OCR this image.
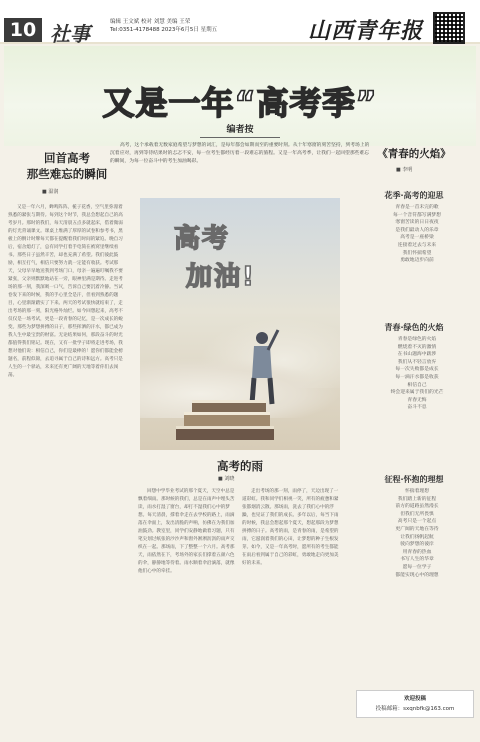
10 社事	编辑 王文斌 校对 刘慧 美编 王荣
Tel:0351-4178488 2023年6月5日 星期五	山西青年报
又是一年“高考季”
编者按
高考，这个承载着无数家庭希望与梦想的词汇，是每年都会如期而至的重要时刻。从十年寒窗的刻苦坚持，到考场上的沉着应对，再到等待结果时的忐忑不安，每一位考生都经历着一段难忘的旅程。又是一年高考季，让我们一起回望那些难忘的瞬间，为每一位奋斗中的考生加油喝彩。
回首高考
那些难忘的瞬间
■ 温润
又是一年六月，蝉鸣阵阵，栀子花香，空气里弥漫着熟悉的紧张与期待。每到这个时节，我总会想起自己的高考岁月。那时的我们，每天清晨五点多就起床，借着微弱的灯光背诵课文。课桌上堆满了厚厚的试卷和参考书，黑板上的倒计时牌每天都在提醒着我们时间的紧迫。晚自习后，宿舍熄灯了，总有同学打着手电筒在被窝里继续看书。那些日子虽然辛苦，却也充满了希望。我们彼此鼓励，相互打气，相信只要努力就一定能有收获。考试那天，父母早早地送我到考场门口，母亲一遍遍叮嘱我不要紧张，父亲则默默地站在一旁，眼神里满是期待。走进考场的那一刻，我深吸一口气，告诉自己要沉着冷静。当试卷发下来的时候，我的手心里全是汗，但看到熟悉的题目，心里渐渐踏实了下来。两天的考试很快就结束了，走出考场的那一刻，阳光格外灿烂。如今回想起来，高考不仅仅是一场考试，更是一段青春的记忆，是一次成长的蜕变。那些为梦想拼搏的日子，那些挥洒的汗水，都已成为我人生中最宝贵的财富。无论结果如何，那段奋斗的时光都值得我们铭记。现在，又有一批学子即将走进考场，我想对他们说：相信自己，你们是最棒的！愿你们都能金榜题名，前程似锦，去追寻属于自己的诗和远方。高考只是人生的一个驿站，未来还有更广阔的天地等着你们去闯荡。
高考
加油!
高考的雨
■ 刘晓
回想中学毕业考试的那个夏天，天空中总是飘着细雨。那时候的我们，总是在雨声中埋头苦读，雨水打湿了窗台，却打不湿我们心中的梦想。每天清晨，撑着伞走在去学校的路上，雨滴落在伞面上，发出清脆的声响，仿佛在为我们加油鼓劲。教室里，同学们安静地做着习题，只有笔尖划过纸张的沙沙声和窗外淅淅沥沥的雨声交织在一起。那场雨，下了整整一个六月。高考那天，雨依然在下，考场外的家长们撑着五颜六色的伞，静静地等待着。雨水顺着伞沿滴落，就像他们心中的牵挂。
走出考场的那一刻，雨停了，天边出现了一道彩虹。我和同学们相视一笑，所有的疲惫和紧张都烟消云散。那场雨，洗去了我们心中的浮躁，也见证了我们的成长。多年以后，每当下雨的时候，我总会想起那个夏天，想起那段为梦想拼搏的日子。高考的雨，是青春的雨，是希望的雨，它滋润着我们的心田，让梦想的种子生根发芽。如今，又是一年高考时，愿所有的考生都能在雨后看到属于自己的彩虹，勇敢地走向更加美好的未来。
《青春的火焰》
■ 李明
花季·高考的迎思
青春是一首未完的歌
每一个音符都写满梦想
寒窗苦读的日日夜夜
是我们最动人的乐章
高考是一座桥梁
连接着过去与未来
我们怀揣希望
勇敢地迈步向前
青春·绿色的火焰
青春是绿色的火焰
燃烧着不灭的激情
在书山题海中跋涉
我们从不轻言放弃
每一次失败都是成长
每一滴汗水都是收获
相信自己
终会迎来属于我们的光芒
青春无悔
奋斗不息
征程·怀抱的理想
怀揣着理想
我们踏上新的征程
前方的道路虽然漫长
但我们无所畏惧
高考只是一个起点
更广阔的天地在等待
让我们扬帆起航
驶向梦想的彼岸
用青春的热血
书写人生的华章
愿每一位学子
都能实现心中的理想
欢迎投稿
投稿邮箱：sxqnbfk@163.com
